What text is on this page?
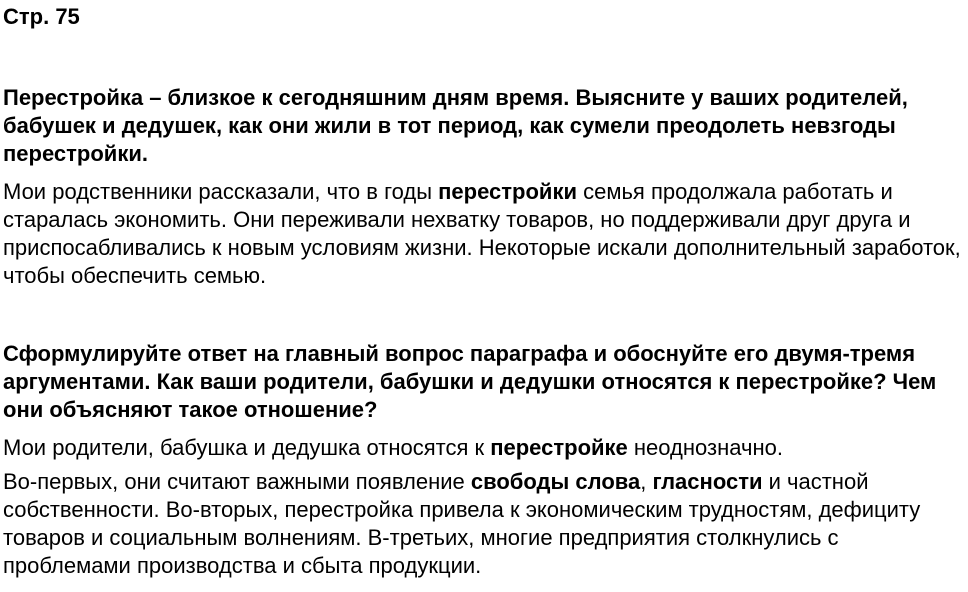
Стр. 75

Перестройка – близкое к сегодняшним дням время. Выясните у ваших родителей, бабушек и дедушек, как они жили в тот период, как сумели преодолеть невзгоды перестройки.

Мои родственники рассказали, что в годы перестройки семья продолжала работать и старалась экономить. Они переживали нехватку товаров, но поддерживали друг друга и приспосабливались к новым условиям жизни. Некоторые искали дополнительный заработок, чтобы обеспечить семью.

Сформулируйте ответ на главный вопрос параграфа и обоснуйте его двумя-тремя аргументами. Как ваши родители, бабушки и дедушки относятся к перестройке? Чем они объясняют такое отношение?

Мои родители, бабушка и дедушка относятся к перестройке неоднозначно.

Во-первых, они считают важными появление свободы слова, гласности и частной собственности. Во-вторых, перестройка привела к экономическим трудностям, дефициту товаров и социальным волнениям. В-третьих, многие предприятия столкнулись с проблемами производства и сбыта продукции.
